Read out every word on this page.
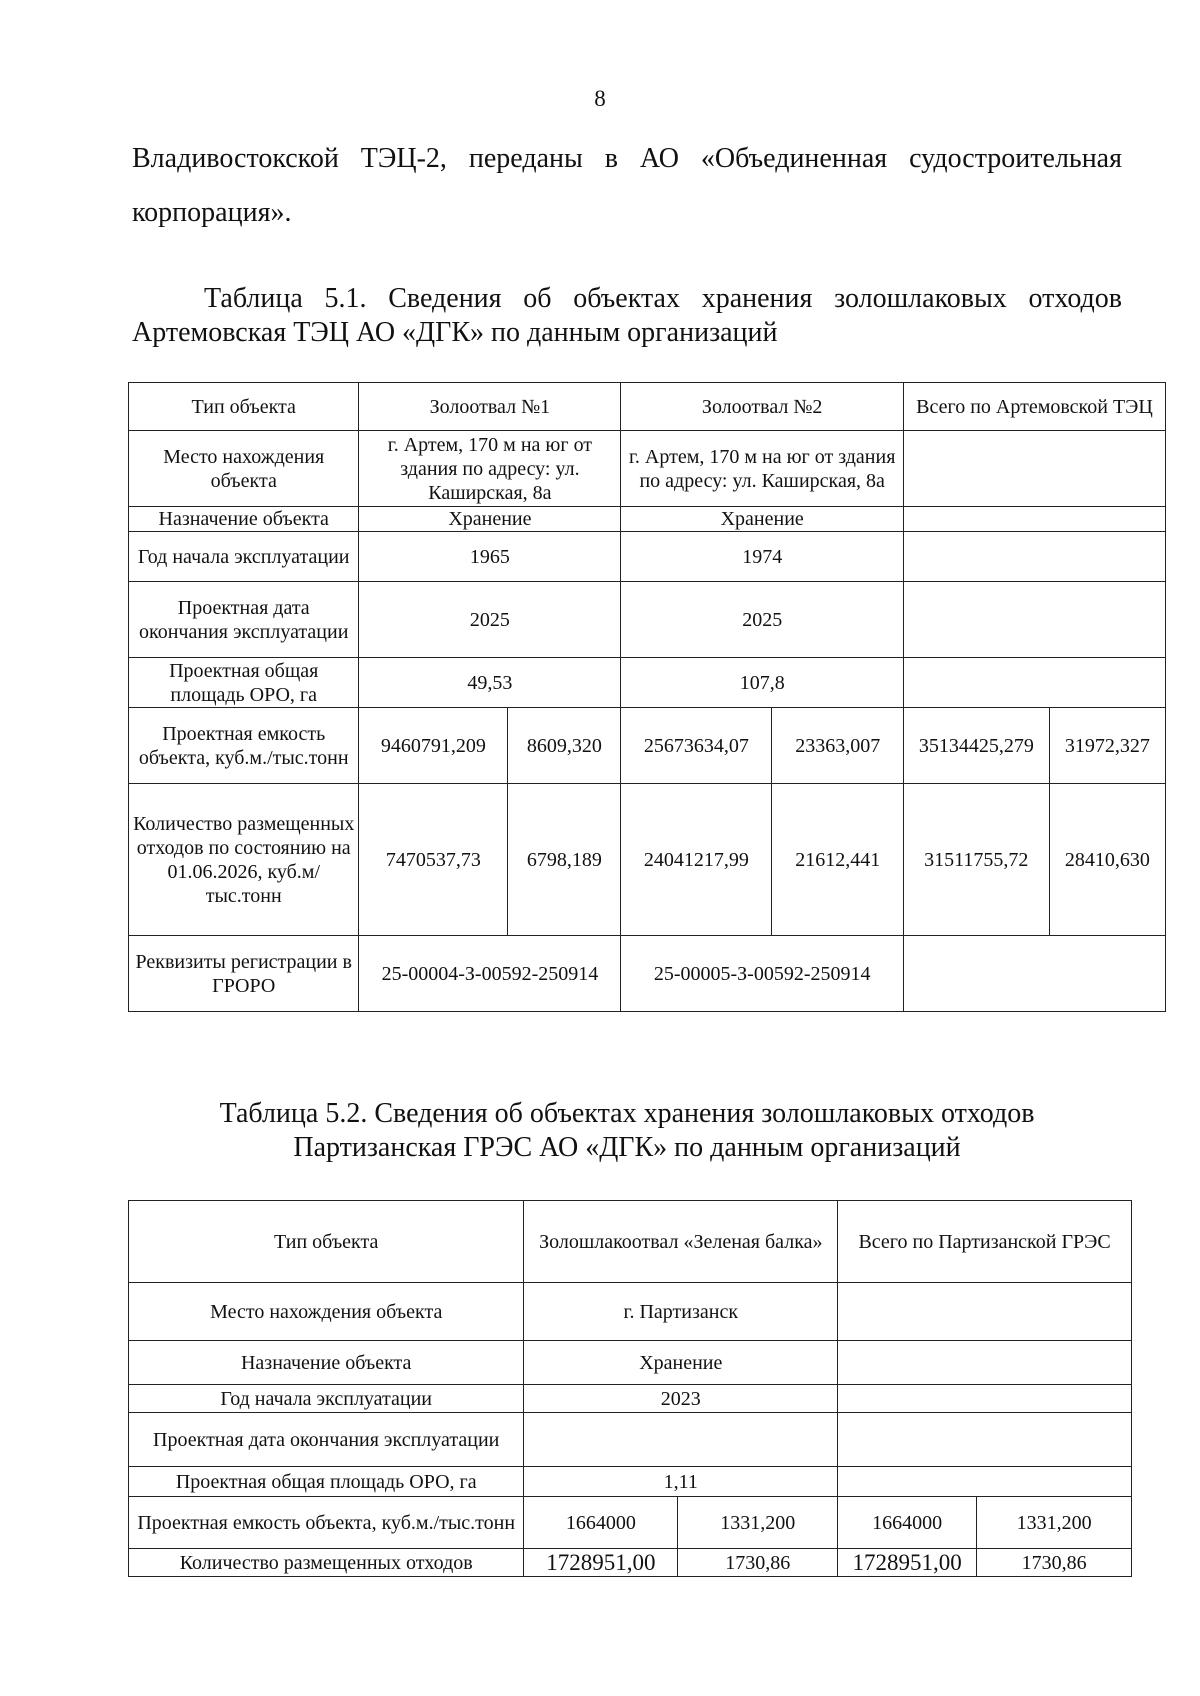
8
Владивостокской ТЭЦ-2, переданы в АО «Объединенная судостроительная
корпорация».
Таблица 5.1. Сведения об объектах хранения золошлаковых отходов
Артемовская ТЭЦ АО «ДГК» по данным организаций
Тип объекта	Золоотвал №1		Золоотвал №2		Всего по Артемовской ТЭЦ	
Место нахождения объекта	г. Артем, 170 м на юг от здания по адресу: ул. Каширская, 8а		г. Артем, 170 м на юг от здания по адресу: ул. Каширская, 8а			
Назначение объекта	Хранение		Хранение			
Год начала эксплуатации	1965		1974			
Проектная дата окончания эксплуатации	2025		2025			
Проектная общая площадь ОРО, га	49,53		107,8			
Проектная емкость объекта, куб.м./тыс.тонн	9460791,209	8609,320	25673634,07	23363,007	35134425,279	31972,327
Количество размещенных отходов по состоянию на 01.06.2026, куб.м/тыс.тонн	7470537,73	6798,189	24041217,99	21612,441	31511755,72	28410,630
Реквизиты регистрации в ГРОРО	25-00004-З-00592-250914		25-00005-З-00592-250914			
Таблица 5.2. Сведения об объектах хранения золошлаковых отходов
Партизанская ГРЭС АО «ДГК» по данным организаций
Тип объекта	Золошлакоотвал «Зеленая балка»		Всего по Партизанской ГРЭС	
Место нахождения объекта	г. Партизанск			
Назначение объекта	Хранение			
Год начала эксплуатации	2023			
Проектная дата окончания эксплуатации				
Проектная общая площадь ОРО, га	1,11			
Проектная емкость объекта, куб.м./тыс.тонн	1664000	1331,200	1664000	1331,200
Количество размещенных отходов	1728951,00	1730,86	1728951,00	1730,86
